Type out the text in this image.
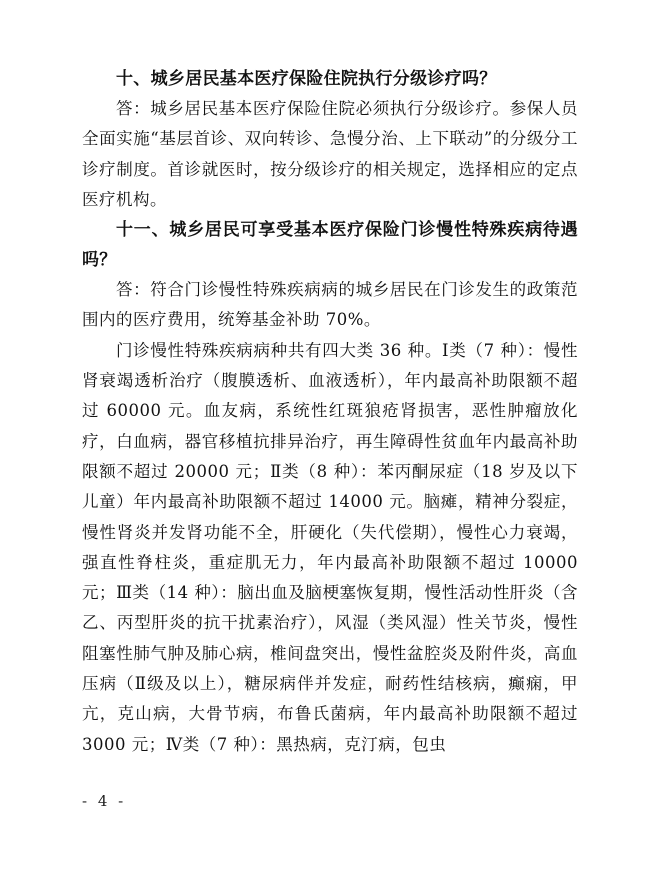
十、城乡居民基本医疗保险住院执行分级诊疗吗？

答：城乡居民基本医疗保险住院必须执行分级诊疗。参保人员全面实施“基层首诊、双向转诊、急慢分治、上下联动”的分级分工诊疗制度。首诊就医时，按分级诊疗的相关规定，选择相应的定点医疗机构。

十一、城乡居民可享受基本医疗保险门诊慢性特殊疾病待遇吗？

答：符合门诊慢性特殊疾病病的城乡居民在门诊发生的政策范围内的医疗费用，统筹基金补助 70%。

门诊慢性特殊疾病病种共有四大类 36 种。Ⅰ类（7 种）：慢性肾衰竭透析治疗（腹膜透析、血液透析），年内最高补助限额不超过 60000 元。血友病，系统性红斑狼疮肾损害，恶性肿瘤放化疗，白血病，器官移植抗排异治疗，再生障碍性贫血年内最高补助限额不超过 20000 元；Ⅱ类（8 种）：苯丙酮尿症（18 岁及以下儿童）年内最高补助限额不超过 14000 元。脑瘫，精神分裂症，慢性肾炎并发肾功能不全，肝硬化（失代偿期），慢性心力衰竭，强直性脊柱炎，重症肌无力，年内最高补助限额不超过 10000 元；Ⅲ类（14 种）：脑出血及脑梗塞恢复期，慢性活动性肝炎（含乙、丙型肝炎的抗干扰素治疗），风湿（类风湿）性关节炎，慢性阻塞性肺气肿及肺心病，椎间盘突出，慢性盆腔炎及附件炎，高血压病（Ⅱ级及以上），糖尿病伴并发症，耐药性结核病，癫痫，甲亢，克山病，大骨节病，布鲁氏菌病，年内最高补助限额不超过 3000 元；Ⅳ类（7 种）：黑热病，克汀病，包虫

- 4 -
